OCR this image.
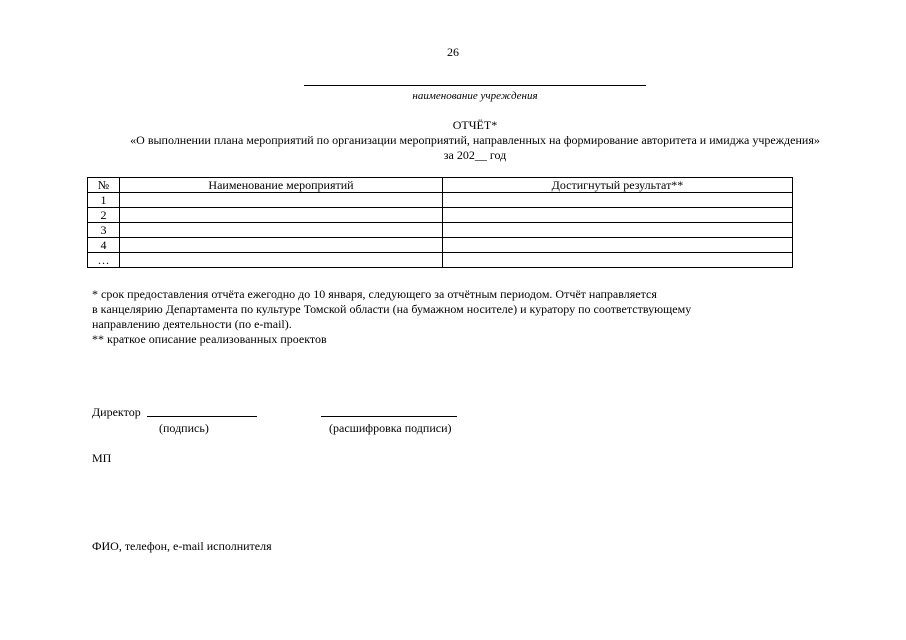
26
наименование учреждения
ОТЧЁТ*
«О выполнении плана мероприятий по организации мероприятий, направленных на формирование авторитета и имиджа учреждения»
за 202__ год
№	Наименование мероприятий	Достигнутый результат**
1		
2		
3		
4		
…		
* срок предоставления отчёта ежегодно до 10 января, следующего за отчётным периодом. Отчёт направляется
в канцелярию Департамента по культуре Томской области (на бумажном носителе) и куратору по соответствующему
направлению деятельности (по e-mail).
** краткое описание реализованных проектов
Директор
(подпись)	(расшифровка подписи)
МП
ФИО, телефон, e-mail исполнителя
